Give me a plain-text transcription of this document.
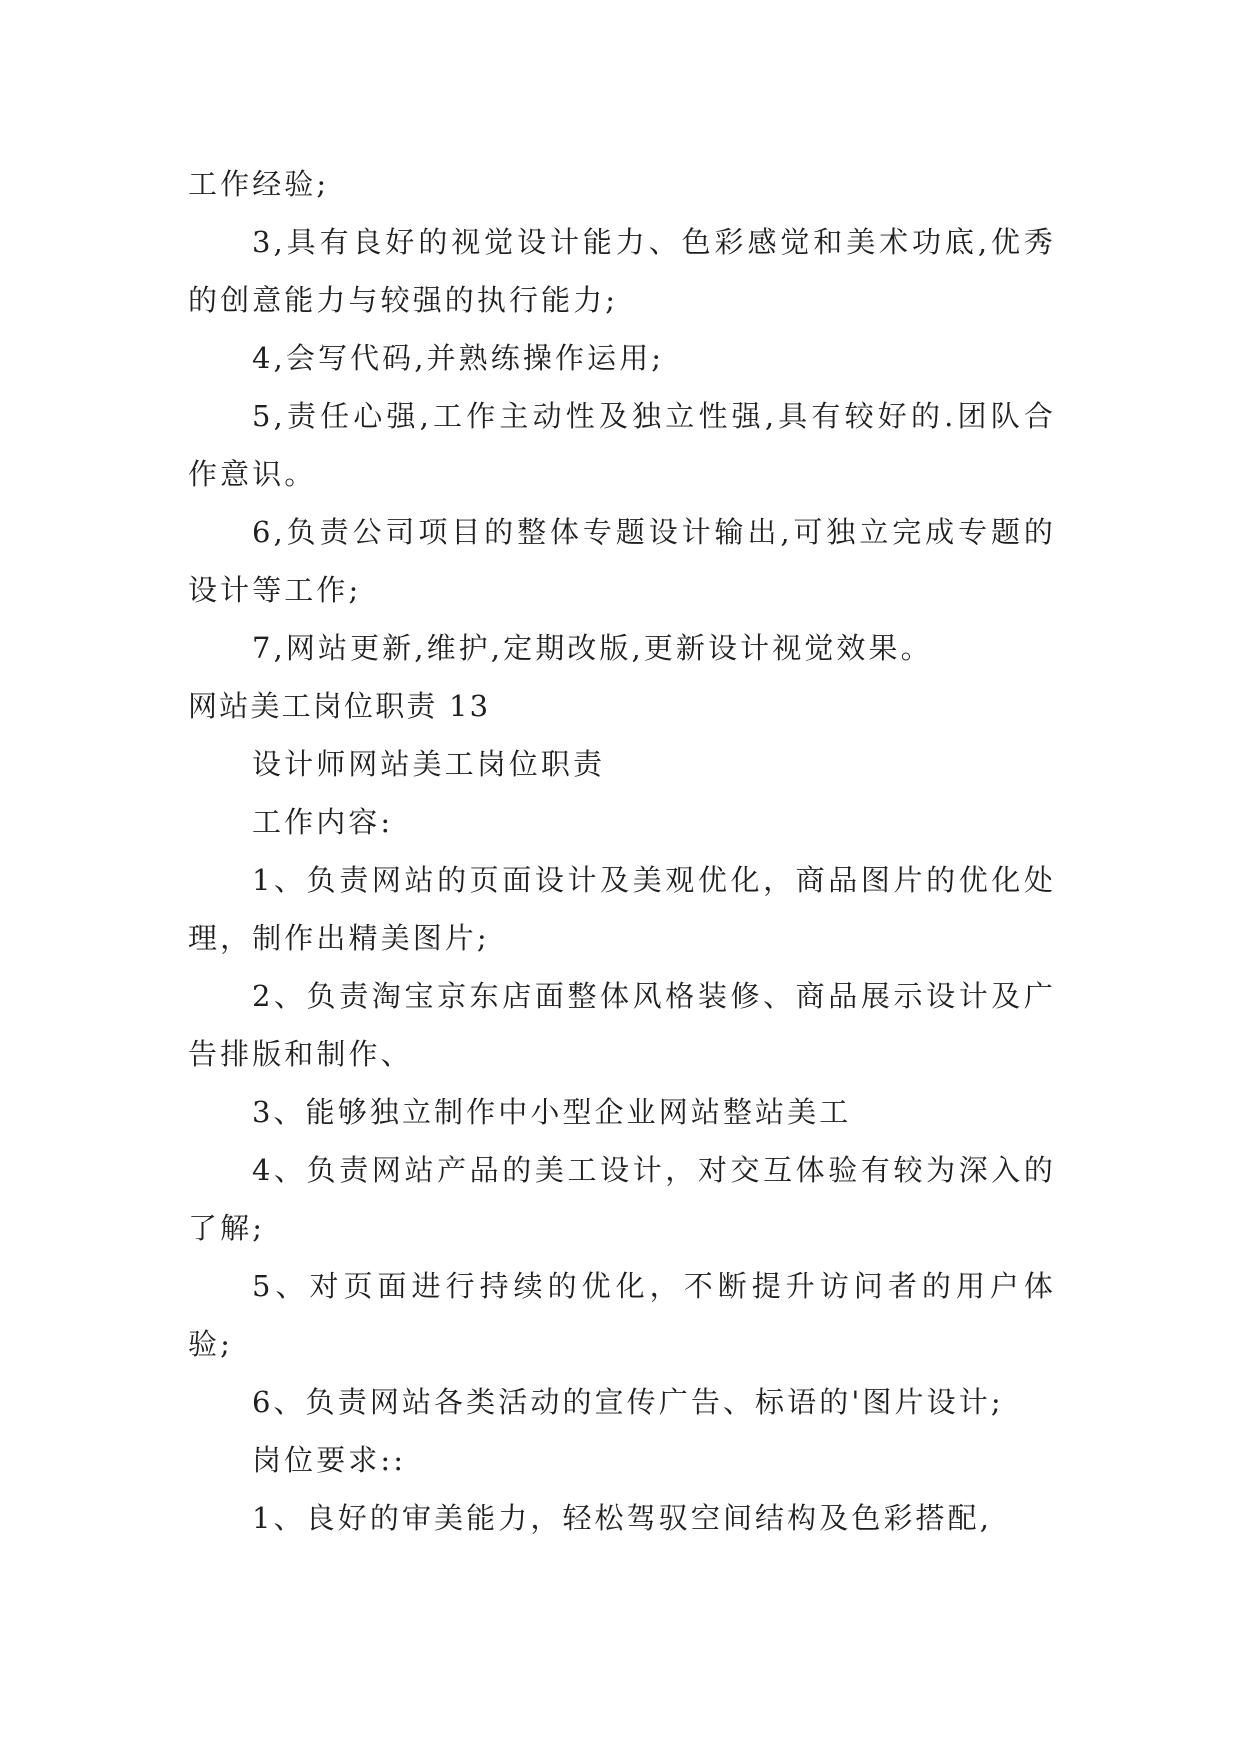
工作经验;

3,具有良好的视觉设计能力、色彩感觉和美术功底,优秀的创意能力与较强的执行能力;

4,会写代码,并熟练操作运用;

5,责任心强,工作主动性及独立性强,具有较好的.团队合作意识。

6,负责公司项目的整体专题设计输出,可独立完成专题的设计等工作;

7,网站更新,维护,定期改版,更新设计视觉效果。

网站美工岗位职责 13

设计师网站美工岗位职责

工作内容:

1、负责网站的页面设计及美观优化，商品图片的优化处理，制作出精美图片;

2、负责淘宝京东店面整体风格装修、商品展示设计及广告排版和制作、

3、能够独立制作中小型企业网站整站美工

4、负责网站产品的美工设计，对交互体验有较为深入的了解;

5、对页面进行持续的优化，不断提升访问者的用户体验;

6、负责网站各类活动的宣传广告、标语的'图片设计;

岗位要求::

1、良好的审美能力，轻松驾驭空间结构及色彩搭配,
